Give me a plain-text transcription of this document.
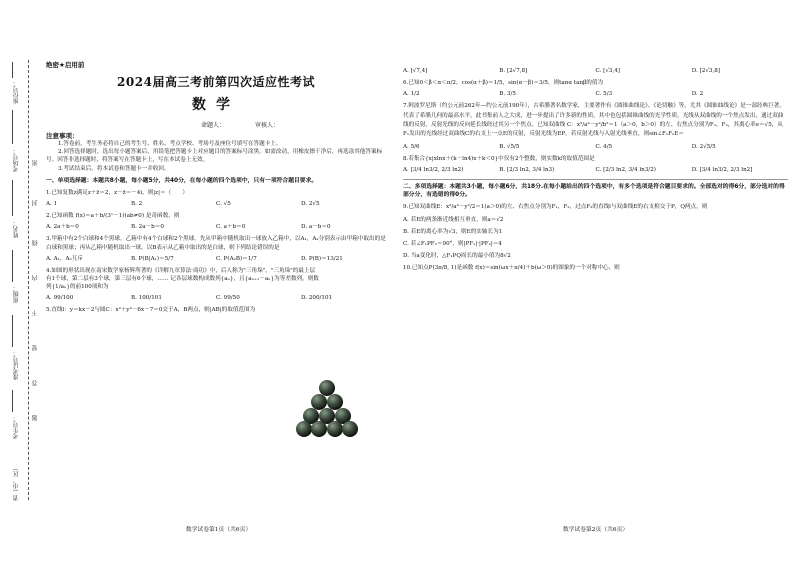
座位号：
考场号：
姓名：
班级：
准考证号：
考生号：
省（市、区）
密
封
线
内
不
要
答
题
绝密★启用前
2024届高三考前第四次适应性考试
数学
命题人：	审核人：
注意事项：
1.答卷前，考生务必将自己的考生号、姓名、考点学校、考场号及座位号填写在答题卡上。
2.回答选择题时，选出每小题答案后，用铅笔把答题卡上对应题目的答案标号涂黑。如需改动，用橡皮擦干净后，再选涂其他答案标号。回答非选择题时，将答案写在答题卡上，写在本试卷上无效。
3.考试结束后，将本试卷和答题卡一并收回。
一、单项选择题：本题共8小题，每小题5分，共40分，在每小题的四个选项中，只有一项符合题目要求。
1.已知复数z满足z＋z̄＝2，z－z̄＝－4i，则|z|＝（　　）
A. 1	B. 2	C. √5	D. 2√5
2.已知函数 f(x)＝a＋b/(3ˣ－1)(ab≠0) 是奇函数，则
A. 2a＋b＝0	B. 2a－b＝0	C. a＋b＝0	D. a－b＝0
3.甲箱中有2个白球和4个黑球，乙箱中有4个白球和2个黑球。先从甲箱中随机取出一球放入乙箱中，以A₁，A₂分别表示由甲箱中取出的是白球和黑球；再从乙箱中随机取出一球，以B表示从乙箱中取出的是白球，则下列结论错误的是
A. A₁，A₂互斥	B. P(B|A₁)＝5/7	C. P(A₂B)＝1/7	D. P(B)＝13/21
4.如图的形状出现在南宋数学家杨辉所著的《详解九章算法·商功》中，后人称为"三角垛"。"三角垛"的最上层有1个球，第二层有3个球，第三层有6个球，…… 记各层球数构成数列{aₙ}，且{aₙ₊₁－aₙ}为等差数列，则数列{1/aₙ}的前100项和为
A. 99/100	B. 100/101	C. 99/50	D. 200/101
5.直线l：y＝kx－2与圆C：x²＋y²－6x－7＝0交于A，B两点，则|AB|的取值范围为
数学试卷第1页（共6页）
A. [√7,4]	B. [2√7,8]	C. [√3,4]	D. [2√3,8]
6.已知0＜β＜α＜π/2，cos(α＋β)＝1/5，sin(α－β)＝3/5，则tanα tanβ的值为
A. 1/2	B. 3/5	C. 5/3	D. 2
7.阿波罗尼斯（约公元前262年—约公元前190年），古希腊著名数学家，主要著作有《圆锥曲线论》、《论切触》等，尤其《圆锥曲线论》是一部经典巨著，代表了希腊几何的最高水平，此书集前人之大成，进一步提出了许多新的性质。其中也包括圆锥曲线的光学性质，光线从双曲线的一个焦点发出，通过双曲线的反射，反射光线的反向延长线经过其另一个焦点。已知双曲线 C：x²/a²－y²/b²＝1（a＞0，b＞0）的左、右焦点分别为F₁，F₂，其离心率e＝√5，从F₁发出的光线经过双曲线C的右支上一点E的反射，反射光线为EP，若反射光线与入射光线垂直，则sin∠F₁F₂E＝
A. 5/6	B. √5/5	C. 4/5	D. 2√5/5
8.若集合{x|xlnx＋(k－ln4)x＋k＜0}中仅有2个整数，则实数k的取值范围是
A. [3/4 ln3/2, 2/3 ln2)	B. [2/3 ln2, 3/4 ln3)	C. [2/3 ln2, 3/4 ln3/2)	D. [3/4 ln3/2, 2/3 ln2]
二、多项选择题：本题共3小题，每小题6分，共18分.在每小题给出的四个选项中，有多个选项是符合题目要求的。全部选对的得6分，部分选对的得部分分，有选错的得0分。
9.已知双曲线E：x²/a²－y²/2＝1(a＞0)的左、右焦点分别为F₁，F₂，过点F₂的直线l与双曲线E的右支相交于P，Q两点，则
A. 若E的两条渐近线相互垂直，则a＝√2
B. 若E的离心率为√3，则E的实轴长为1
C. 若∠F₁PF₂＝90°，则|PF₁|·|PF₂|＝4
D. 当a变化时，△F₁PQ周长的最小值为8√2
10.已知点P(3π/8, 1)是函数 f(x)＝sin(ωx＋π/4)＋b(ω＞0)的图象的一个对称中心，则
数学试卷第2页（共6页）
